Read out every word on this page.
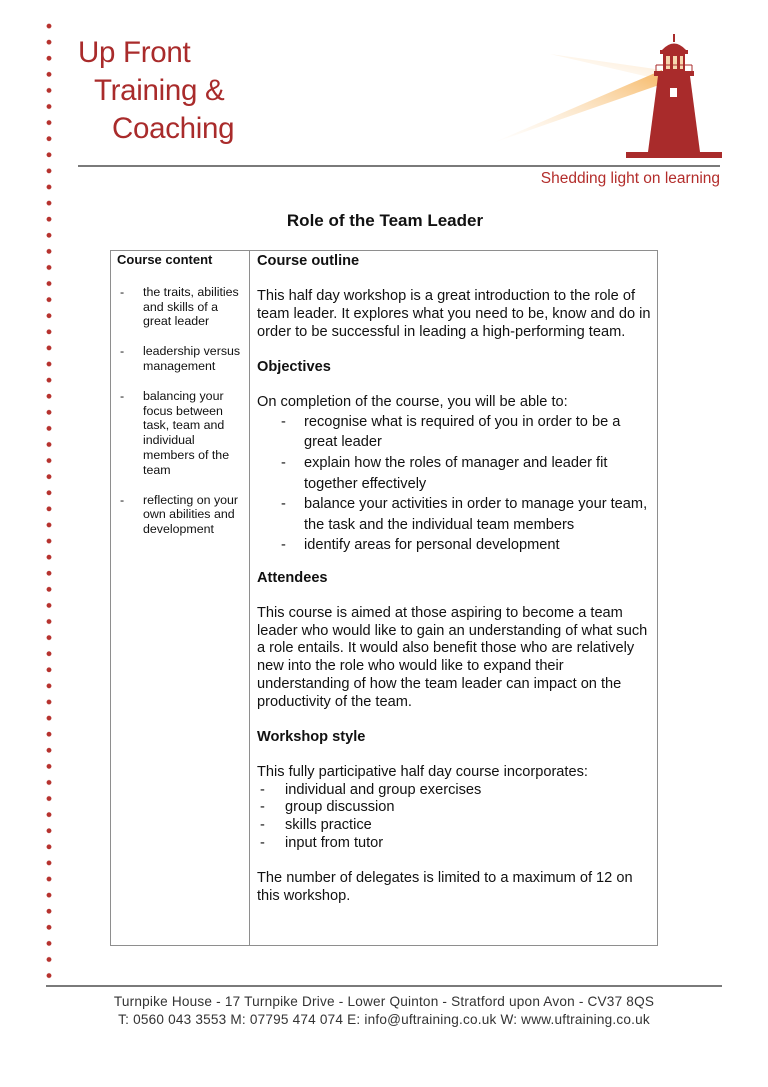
Up Front
Training &
Coaching
Shedding light on learning
Role of the Team Leader
Course content
-	the traits, abilities and skills of a great leader
-	leadership versus management
-	balancing your focus between task, team and individual members of the team
-	reflecting on your own abilities and development
Course outline

This half day workshop is a great introduction to the role of team leader. It explores what you need to be, know and do in order to be successful in leading a high-performing team.

Objectives

On completion of the course, you will be able to:

-	recognise what is required of you in order to be a great leader
-	explain how the roles of manager and leader fit together effectively
-	balance your activities in order to manage your team, the task and the individual team members
-	identify areas for personal development
Attendees

This course is aimed at those aspiring to become a team leader who would like to gain an understanding of what such a role entails. It would also benefit those who are relatively new into the role who would like to expand their understanding of how the team leader can impact on the productivity of the team.

Workshop style

This fully participative half day course incorporates:

-	individual and group exercises
-	group discussion
-	skills practice
-	input from tutor

The number of delegates is limited to a maximum of 12 on this workshop.

Turnpike House - 17 Turnpike Drive - Lower Quinton - Stratford upon Avon - CV37 8QS
T: 0560 043 3553 M: 07795 474 074 E: info@uftraining.co.uk W: www.uftraining.co.uk
